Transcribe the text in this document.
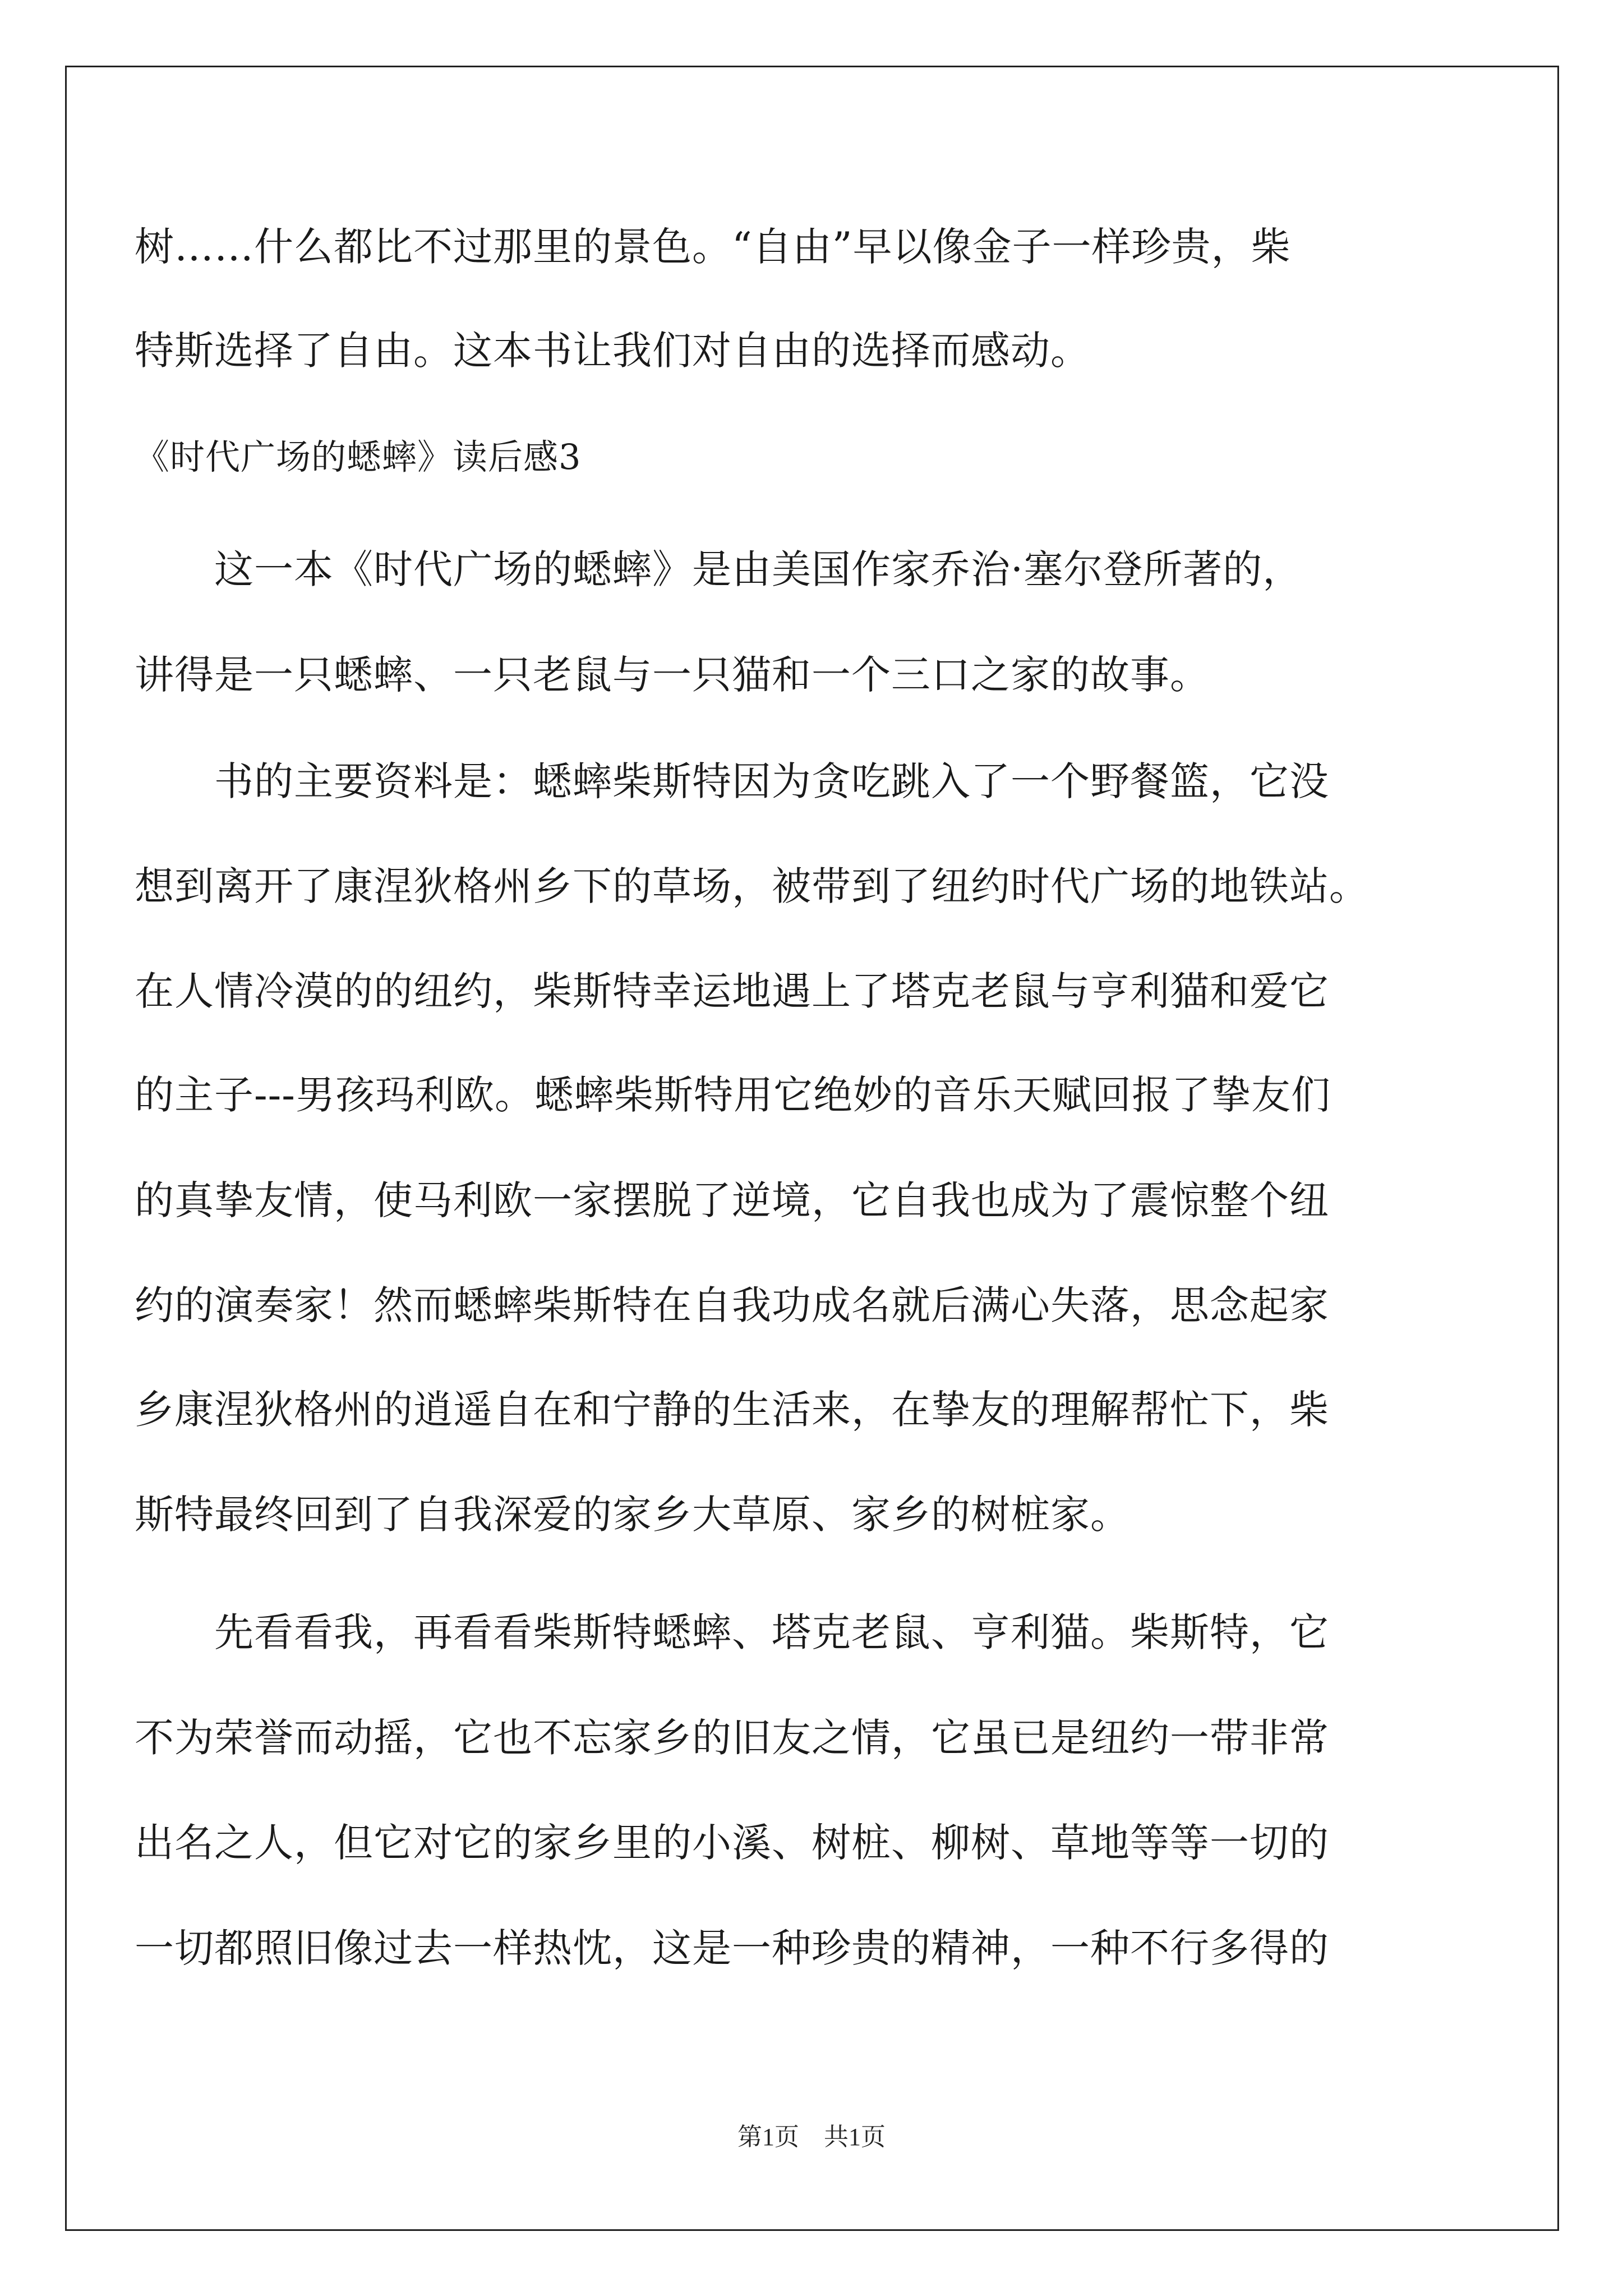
树……什么都比不过那里的景色。“自由”早以像金子一样珍贵，柴
特斯选择了自由。这本书让我们对自由的选择而感动。
《时代广场的蟋蟀》读后感3
　　这一本《时代广场的蟋蟀》是由美国作家乔治·塞尔登所著的，
讲得是一只蟋蟀、一只老鼠与一只猫和一个三口之家的故事。
　　书的主要资料是：蟋蟀柴斯特因为贪吃跳入了一个野餐篮，它没
想到离开了康涅狄格州乡下的草场，被带到了纽约时代广场的地铁站。
在人情冷漠的的纽约，柴斯特幸运地遇上了塔克老鼠与亨利猫和爱它
的主子---男孩玛利欧。蟋蟀柴斯特用它绝妙的音乐天赋回报了挚友们
的真挚友情，使马利欧一家摆脱了逆境，它自我也成为了震惊整个纽
约的演奏家！然而蟋蟀柴斯特在自我功成名就后满心失落，思念起家
乡康涅狄格州的逍遥自在和宁静的生活来，在挚友的理解帮忙下，柴
斯特最终回到了自我深爱的家乡大草原、家乡的树桩家。
　　先看看我，再看看柴斯特蟋蟀、塔克老鼠、亨利猫。柴斯特，它
不为荣誉而动摇，它也不忘家乡的旧友之情，它虽已是纽约一带非常
出名之人，但它对它的家乡里的小溪、树桩、柳树、草地等等一切的
一切都照旧像过去一样热忱，这是一种珍贵的精神，一种不行多得的
第1页　共1页
